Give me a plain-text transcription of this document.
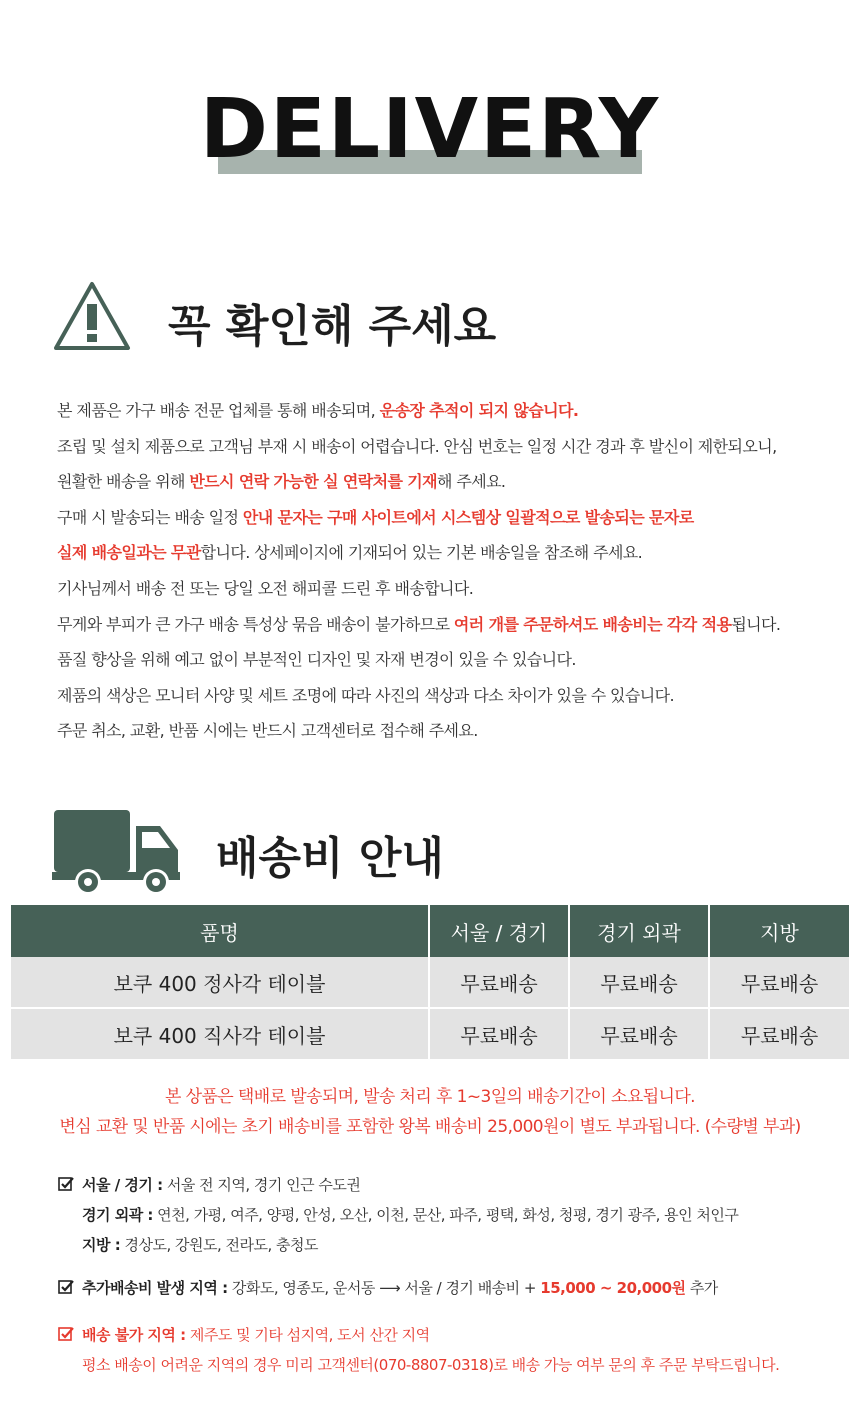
DELIVERY
꼭 확인해 주세요
본 제품은 가구 배송 전문 업체를 통해 배송되며, 운송장 추적이 되지 않습니다.
조립 및 설치 제품으로 고객님 부재 시 배송이 어렵습니다. 안심 번호는 일정 시간 경과 후 발신이 제한되오니,
원활한 배송을 위해 반드시 연락 가능한 실 연락처를 기재해 주세요.
구매 시 발송되는 배송 일정 안내 문자는 구매 사이트에서 시스템상 일괄적으로 발송되는 문자로
실제 배송일과는 무관합니다. 상세페이지에 기재되어 있는 기본 배송일을 참조해 주세요.
기사님께서 배송 전 또는 당일 오전 해피콜 드린 후 배송합니다.
무게와 부피가 큰 가구 배송 특성상 묶음 배송이 불가하므로 여러 개를 주문하셔도 배송비는 각각 적용됩니다.
품질 향상을 위해 예고 없이 부분적인 디자인 및 자재 변경이 있을 수 있습니다.
제품의 색상은 모니터 사양 및 세트 조명에 따라 사진의 색상과 다소 차이가 있을 수 있습니다.
주문 취소, 교환, 반품 시에는 반드시 고객센터로 접수해 주세요.
배송비 안내
품명	서울 / 경기	경기 외곽	지방
보쿠 400 정사각 테이블	무료배송	무료배송	무료배송
보쿠 400 직사각 테이블	무료배송	무료배송	무료배송
본 상품은 택배로 발송되며, 발송 처리 후 1~3일의 배송기간이 소요됩니다.
변심 교환 및 반품 시에는 초기 배송비를 포함한 왕복 배송비 25,000원이 별도 부과됩니다. (수량별 부과)
서울 / 경기 : 서울 전 지역, 경기 인근 수도권
경기 외곽 : 연천, 가평, 여주, 양평, 안성, 오산, 이천, 문산, 파주, 평택, 화성, 청평, 경기 광주, 용인 처인구
지방 : 경상도, 강원도, 전라도, 충청도
추가배송비 발생 지역 : 강화도, 영종도, 운서동 ⟶ 서울 / 경기 배송비 + 15,000 ~ 20,000원 추가
배송 불가 지역 : 제주도 및 기타 섬지역, 도서 산간 지역
평소 배송이 어려운 지역의 경우 미리 고객센터(070-8807-0318)로 배송 가능 여부 문의 후 주문 부탁드립니다.
